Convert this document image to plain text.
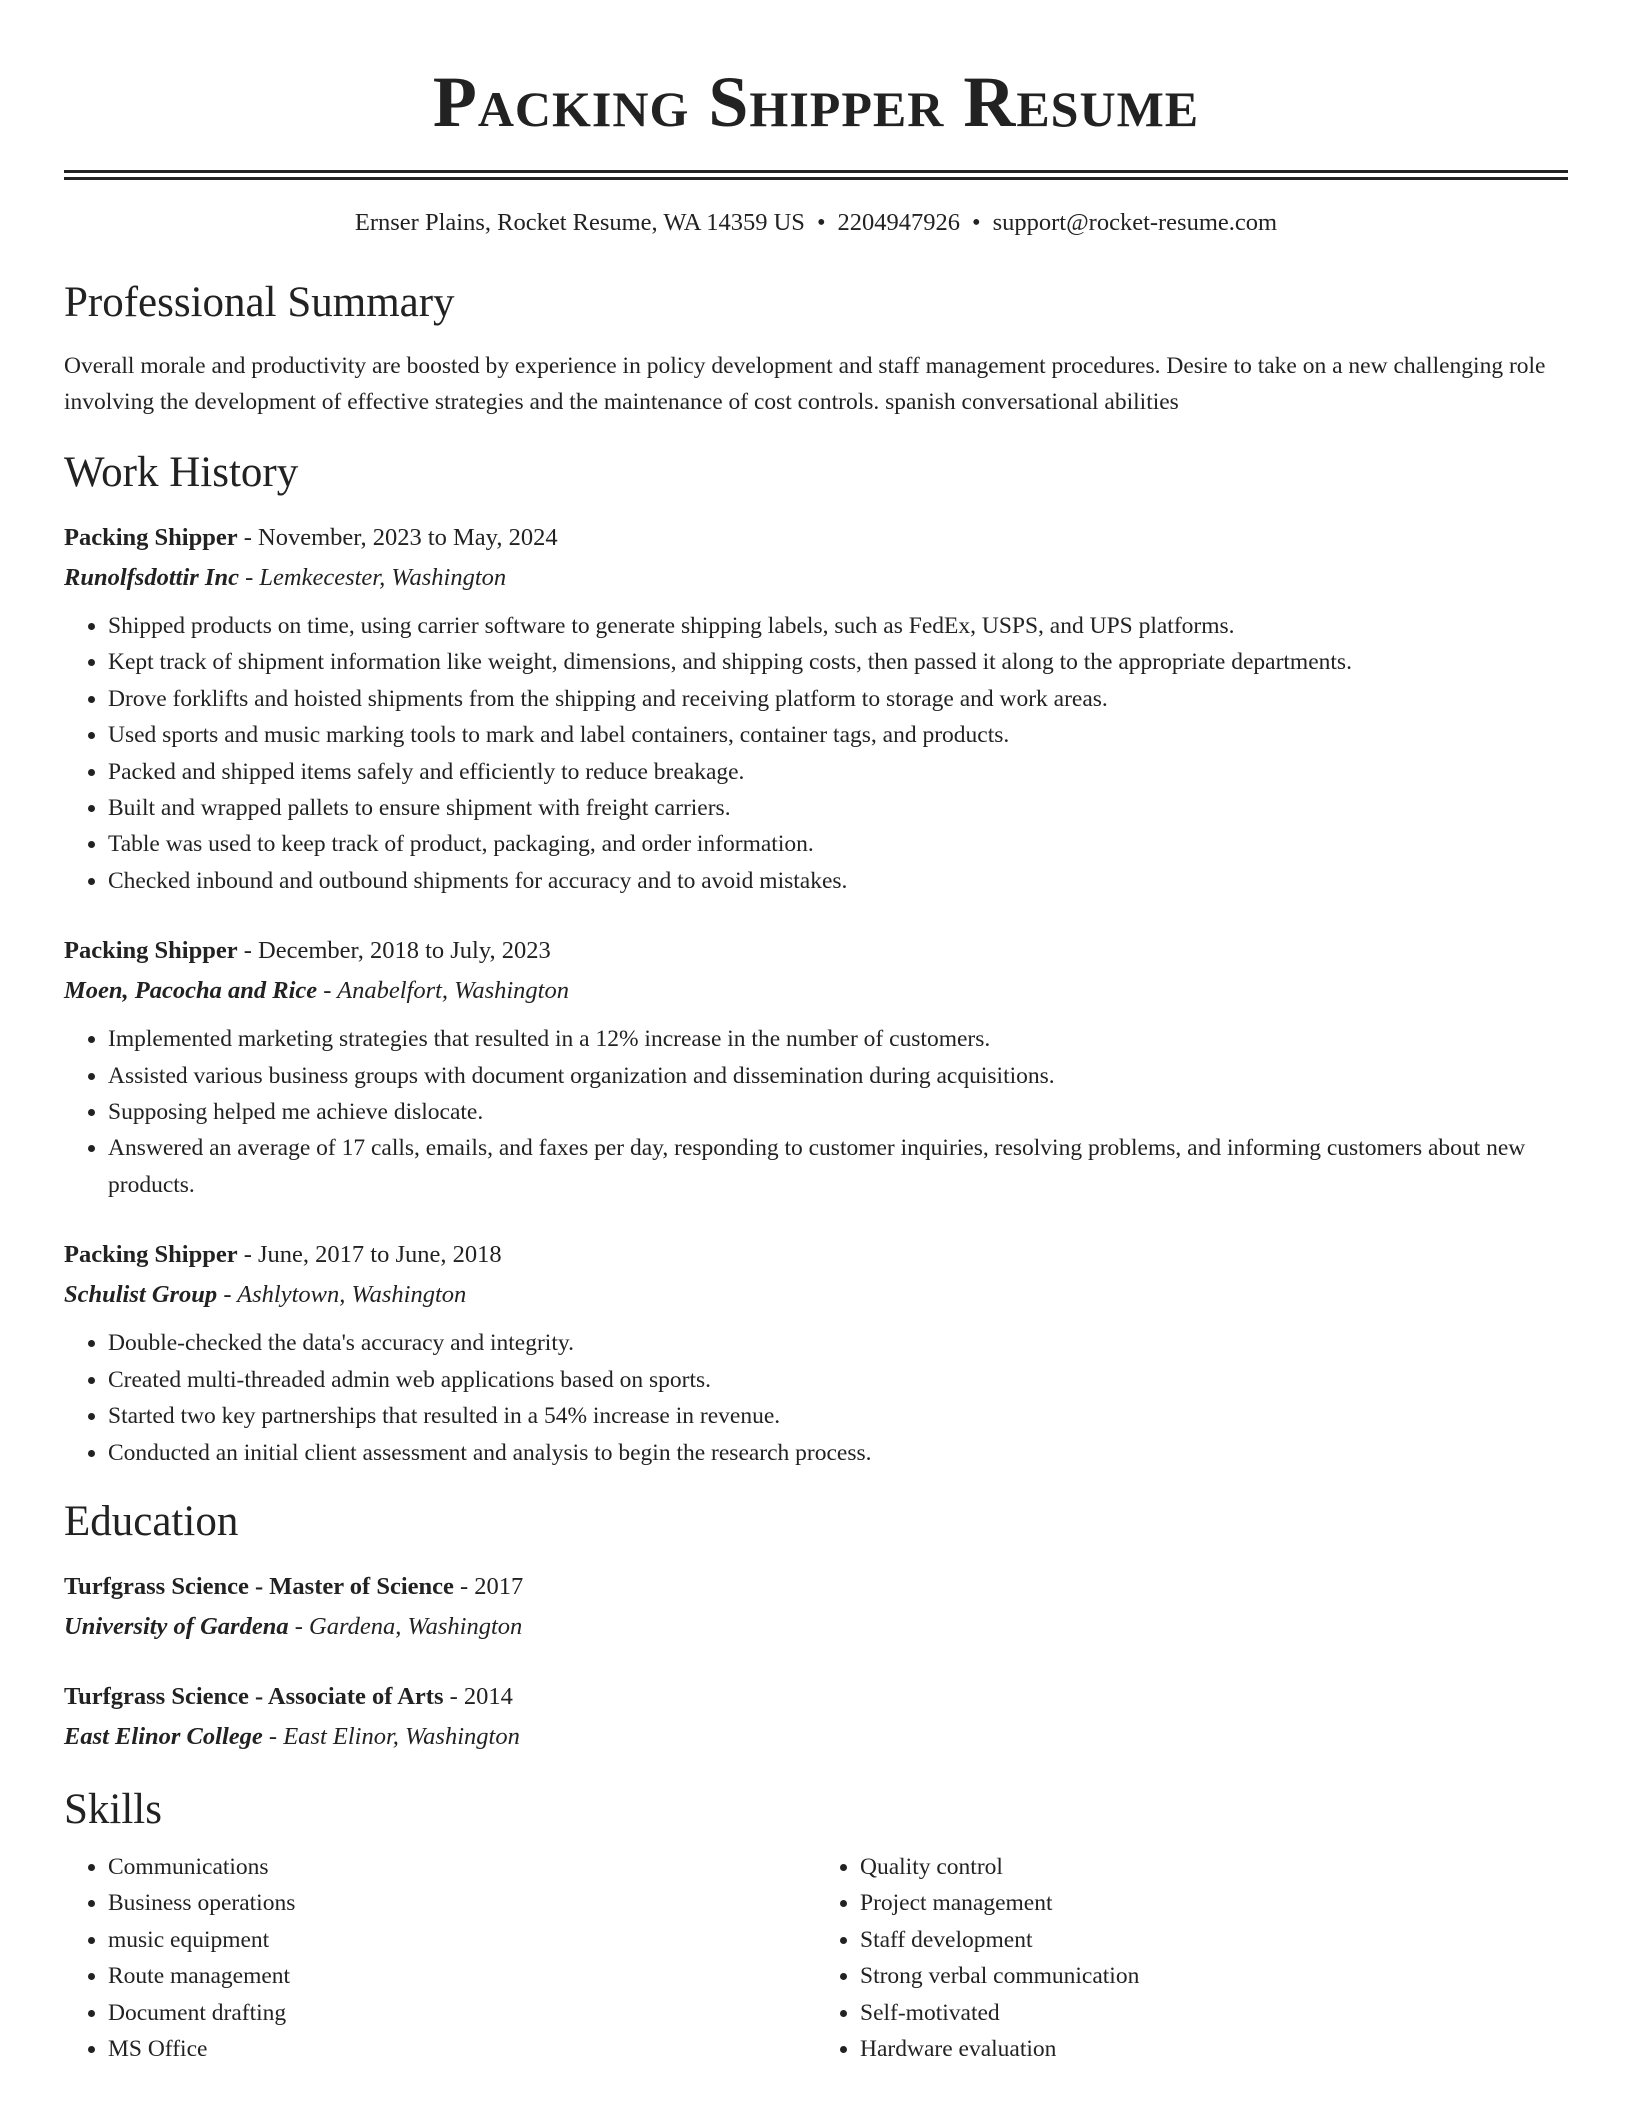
Packing Shipper Resume
Ernser Plains, Rocket Resume, WA 14359 US • 2204947926 • support@rocket-resume.com
Professional Summary
Overall morale and productivity are boosted by experience in policy development and staff management procedures. Desire to take on a new challenging role involving the development of effective strategies and the maintenance of cost controls. spanish conversational abilities
Work History
Packing Shipper - November, 2023 to May, 2024
Runolfsdottir Inc - Lemkecester, Washington
• Shipped products on time, using carrier software to generate shipping labels, such as FedEx, USPS, and UPS platforms.
• Kept track of shipment information like weight, dimensions, and shipping costs, then passed it along to the appropriate departments.
• Drove forklifts and hoisted shipments from the shipping and receiving platform to storage and work areas.
• Used sports and music marking tools to mark and label containers, container tags, and products.
• Packed and shipped items safely and efficiently to reduce breakage.
• Built and wrapped pallets to ensure shipment with freight carriers.
• Table was used to keep track of product, packaging, and order information.
• Checked inbound and outbound shipments for accuracy and to avoid mistakes.
Packing Shipper - December, 2018 to July, 2023
Moen, Pacocha and Rice - Anabelfort, Washington
• Implemented marketing strategies that resulted in a 12% increase in the number of customers.
• Assisted various business groups with document organization and dissemination during acquisitions.
• Supposing helped me achieve dislocate.
• Answered an average of 17 calls, emails, and faxes per day, responding to customer inquiries, resolving problems, and informing customers about new products.
Packing Shipper - June, 2017 to June, 2018
Schulist Group - Ashlytown, Washington
• Double-checked the data's accuracy and integrity.
• Created multi-threaded admin web applications based on sports.
• Started two key partnerships that resulted in a 54% increase in revenue.
• Conducted an initial client assessment and analysis to begin the research process.
Education
Turfgrass Science - Master of Science - 2017
University of Gardena - Gardena, Washington
Turfgrass Science - Associate of Arts - 2014
East Elinor College - East Elinor, Washington
Skills
• Communications
• Business operations
• music equipment
• Route management
• Document drafting
• MS Office
• Quality control
• Project management
• Staff development
• Strong verbal communication
• Self-motivated
• Hardware evaluation
